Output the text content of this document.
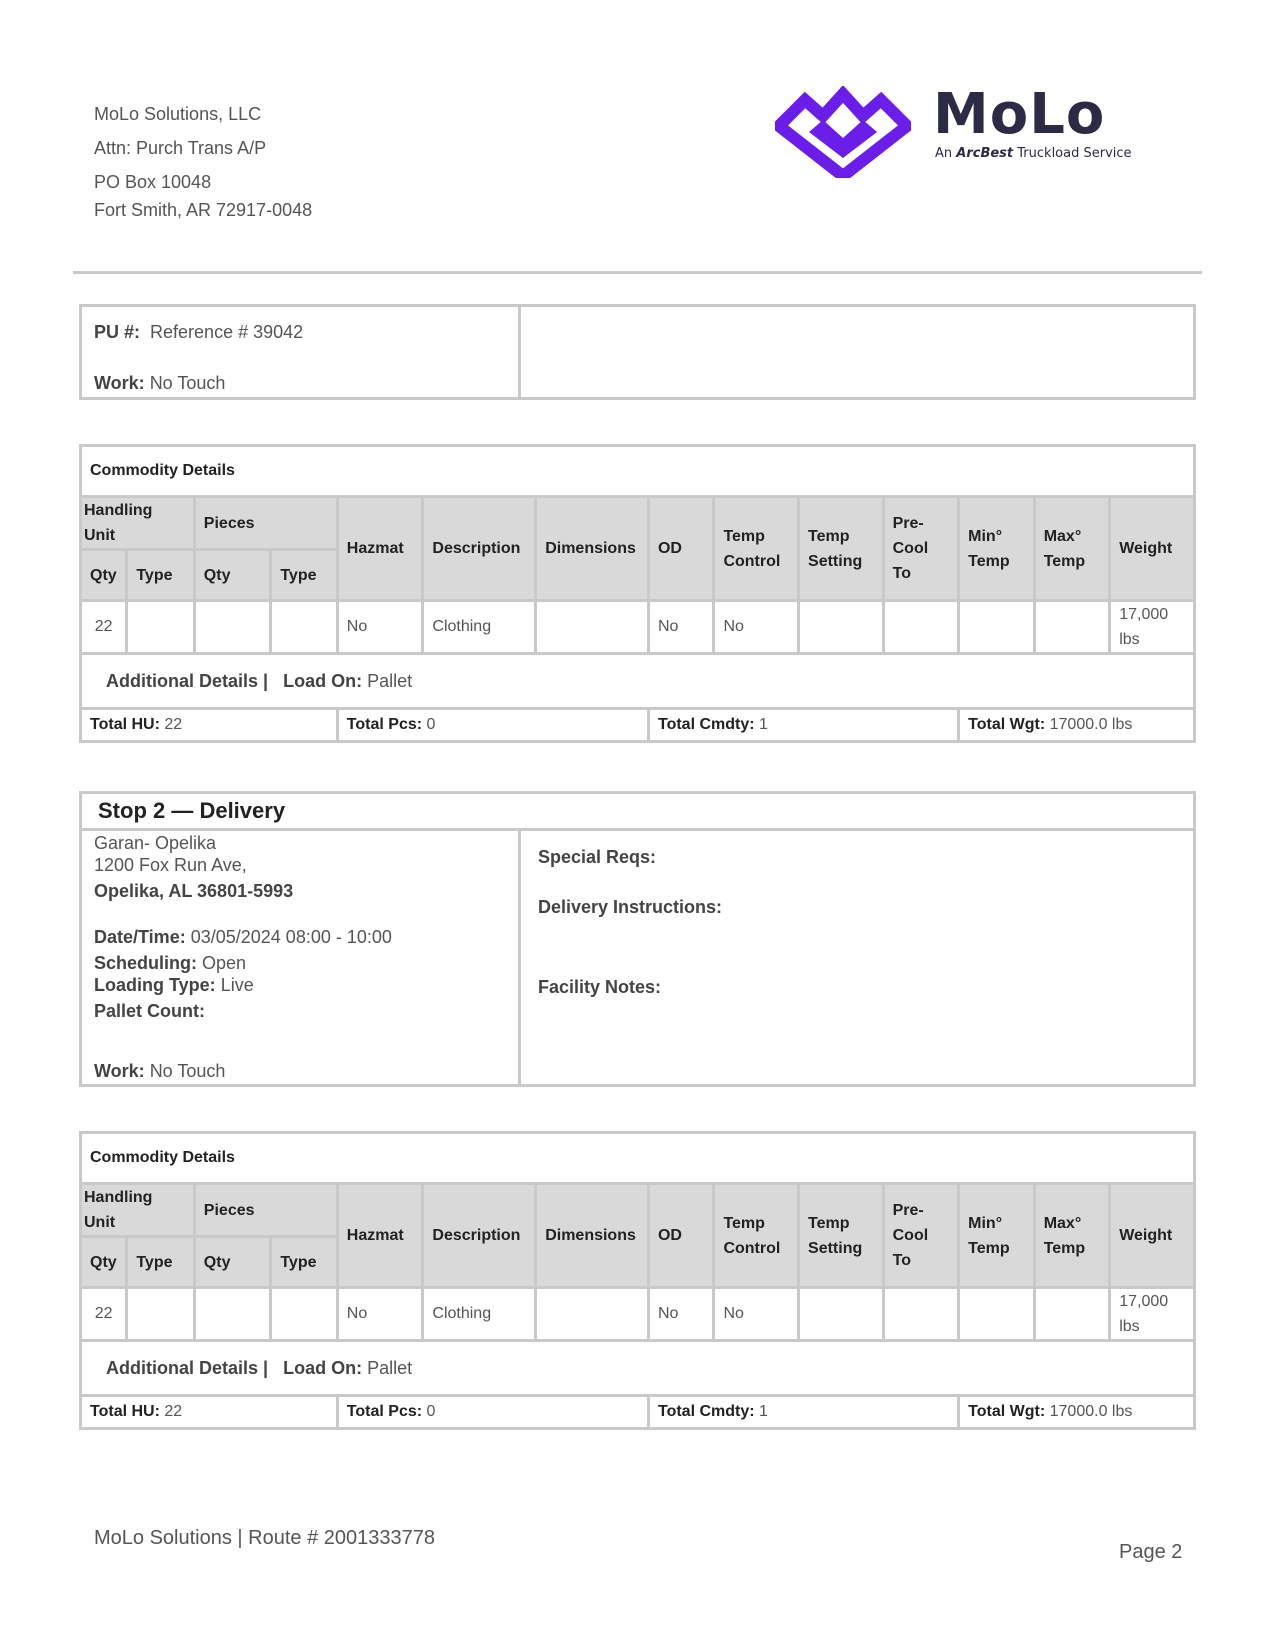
MoLo Solutions, LLC
Attn: Purch Trans A/P
PO Box 10048
Fort Smith, AR 72917-0048
MoLo
An ArcBest Truckload Service
PU #: Reference # 39042
Work: No Touch
Commodity Details													
Handling Unit		Pieces		Hazmat	Description	Dimensions	OD	Temp Control	Temp Setting	Pre-Cool To	Min° Temp	Max° Temp	Weight
Qty	Type	Qty	Type										
22				No	Clothing		No	No					17,000 lbs
Additional Details | Load On: Pallet													
Total HU: 22				Total Pcs: 0			Total Cmdty: 1				Total Wgt: 17000.0 lbs		
Stop 2 — Delivery
Garan- Opelika
1200 Fox Run Ave,
Opelika, AL 36801-5993
Date/Time: 03/05/2024 08:00 - 10:00
Scheduling: Open
Loading Type: Live
Pallet Count:
Work: No Touch
Special Reqs:
Delivery Instructions:
Facility Notes:
Commodity Details													
Handling Unit		Pieces		Hazmat	Description	Dimensions	OD	Temp Control	Temp Setting	Pre-Cool To	Min° Temp	Max° Temp	Weight
Qty	Type	Qty	Type										
22				No	Clothing		No	No					17,000 lbs
Additional Details | Load On: Pallet													
Total HU: 22				Total Pcs: 0			Total Cmdty: 1				Total Wgt: 17000.0 lbs		
MoLo Solutions | Route # 2001333778
Page 2
